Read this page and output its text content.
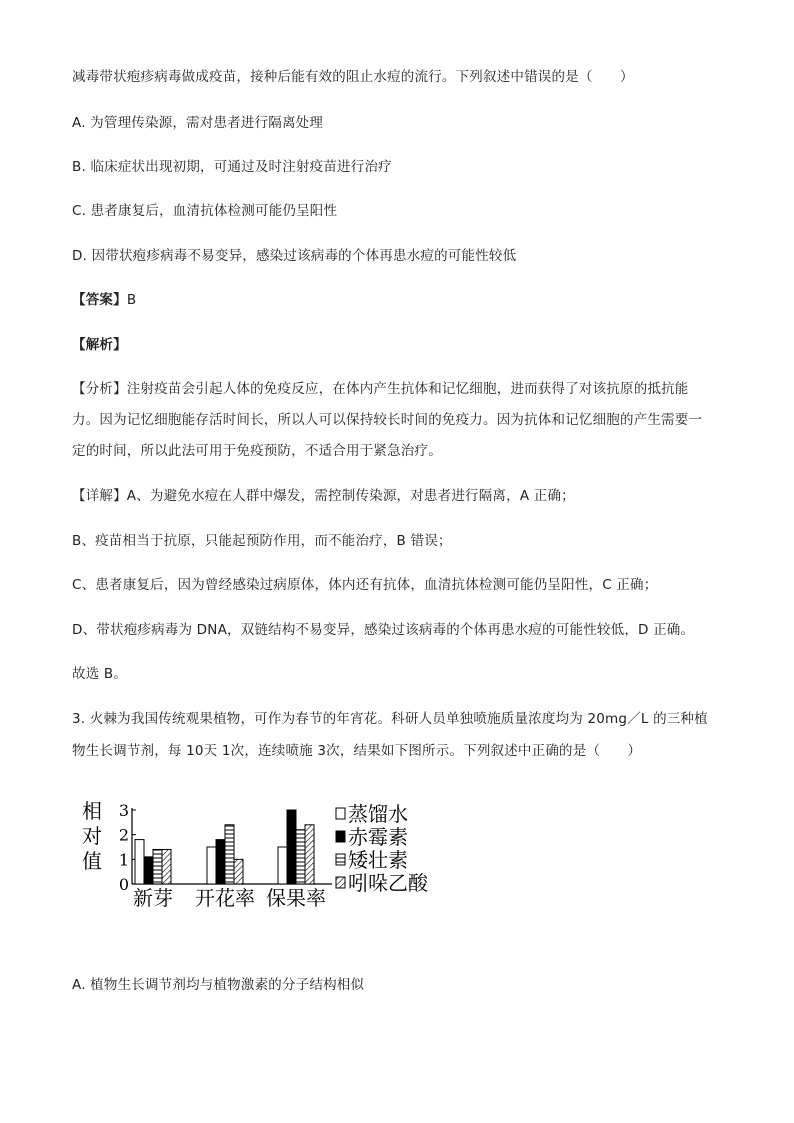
减毒带状疱疹病毒做成疫苗，接种后能有效的阻止水痘的流行。下列叙述中错误的是（　　）
A. 为管理传染源，需对患者进行隔离处理
B. 临床症状出现初期，可通过及时注射疫苗进行治疗
C. 患者康复后，血清抗体检测可能仍呈阳性
D. 因带状疱疹病毒不易变异，感染过该病毒的个体再患水痘的可能性较低
【答案】B
【解析】
【分析】注射疫苗会引起人体的免疫反应，在体内产生抗体和记忆细胞，进而获得了对该抗原的抵抗能
力。因为记忆细胞能存活时间长，所以人可以保持较长时间的免疫力。因为抗体和记忆细胞的产生需要一
定的时间，所以此法可用于免疫预防，不适合用于紧急治疗。
【详解】A、为避免水痘在人群中爆发，需控制传染源，对患者进行隔离，A 正确；
B、疫苗相当于抗原，只能起预防作用，而不能治疗，B 错误；
C、患者康复后，因为曾经感染过病原体，体内还有抗体，血清抗体检测可能仍呈阳性，C 正确；
D、带状疱疹病毒为 DNA，双链结构不易变异，感染过该病毒的个体再患水痘的可能性较低，D 正确。
故选 B。
3. 火棘为我国传统观果植物，可作为春节的年宵花。科研人员单独喷施质量浓度均为 20mg／L 的三种植
物生长调节剂，每 10天 1次，连续喷施 3次，结果如下图所示。下列叙述中正确的是（　　）
相
对
值
0
1
2
3
新芽 开花率 保果率
蒸馏水
赤霉素
矮壮素
吲哚乙酸
A. 植物生长调节剂均与植物激素的分子结构相似
